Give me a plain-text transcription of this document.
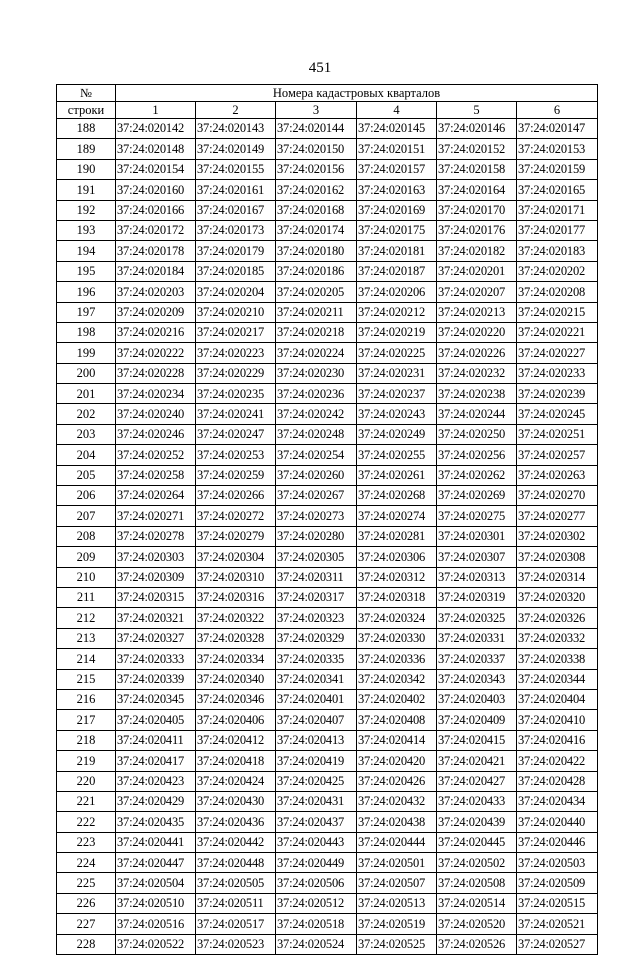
451
№	Номера кадастровых кварталов					
строки	1	2	3	4	5	6
188	37:24:020142	37:24:020143	37:24:020144	37:24:020145	37:24:020146	37:24:020147
189	37:24:020148	37:24:020149	37:24:020150	37:24:020151	37:24:020152	37:24:020153
190	37:24:020154	37:24:020155	37:24:020156	37:24:020157	37:24:020158	37:24:020159
191	37:24:020160	37:24:020161	37:24:020162	37:24:020163	37:24:020164	37:24:020165
192	37:24:020166	37:24:020167	37:24:020168	37:24:020169	37:24:020170	37:24:020171
193	37:24:020172	37:24:020173	37:24:020174	37:24:020175	37:24:020176	37:24:020177
194	37:24:020178	37:24:020179	37:24:020180	37:24:020181	37:24:020182	37:24:020183
195	37:24:020184	37:24:020185	37:24:020186	37:24:020187	37:24:020201	37:24:020202
196	37:24:020203	37:24:020204	37:24:020205	37:24:020206	37:24:020207	37:24:020208
197	37:24:020209	37:24:020210	37:24:020211	37:24:020212	37:24:020213	37:24:020215
198	37:24:020216	37:24:020217	37:24:020218	37:24:020219	37:24:020220	37:24:020221
199	37:24:020222	37:24:020223	37:24:020224	37:24:020225	37:24:020226	37:24:020227
200	37:24:020228	37:24:020229	37:24:020230	37:24:020231	37:24:020232	37:24:020233
201	37:24:020234	37:24:020235	37:24:020236	37:24:020237	37:24:020238	37:24:020239
202	37:24:020240	37:24:020241	37:24:020242	37:24:020243	37:24:020244	37:24:020245
203	37:24:020246	37:24:020247	37:24:020248	37:24:020249	37:24:020250	37:24:020251
204	37:24:020252	37:24:020253	37:24:020254	37:24:020255	37:24:020256	37:24:020257
205	37:24:020258	37:24:020259	37:24:020260	37:24:020261	37:24:020262	37:24:020263
206	37:24:020264	37:24:020266	37:24:020267	37:24:020268	37:24:020269	37:24:020270
207	37:24:020271	37:24:020272	37:24:020273	37:24:020274	37:24:020275	37:24:020277
208	37:24:020278	37:24:020279	37:24:020280	37:24:020281	37:24:020301	37:24:020302
209	37:24:020303	37:24:020304	37:24:020305	37:24:020306	37:24:020307	37:24:020308
210	37:24:020309	37:24:020310	37:24:020311	37:24:020312	37:24:020313	37:24:020314
211	37:24:020315	37:24:020316	37:24:020317	37:24:020318	37:24:020319	37:24:020320
212	37:24:020321	37:24:020322	37:24:020323	37:24:020324	37:24:020325	37:24:020326
213	37:24:020327	37:24:020328	37:24:020329	37:24:020330	37:24:020331	37:24:020332
214	37:24:020333	37:24:020334	37:24:020335	37:24:020336	37:24:020337	37:24:020338
215	37:24:020339	37:24:020340	37:24:020341	37:24:020342	37:24:020343	37:24:020344
216	37:24:020345	37:24:020346	37:24:020401	37:24:020402	37:24:020403	37:24:020404
217	37:24:020405	37:24:020406	37:24:020407	37:24:020408	37:24:020409	37:24:020410
218	37:24:020411	37:24:020412	37:24:020413	37:24:020414	37:24:020415	37:24:020416
219	37:24:020417	37:24:020418	37:24:020419	37:24:020420	37:24:020421	37:24:020422
220	37:24:020423	37:24:020424	37:24:020425	37:24:020426	37:24:020427	37:24:020428
221	37:24:020429	37:24:020430	37:24:020431	37:24:020432	37:24:020433	37:24:020434
222	37:24:020435	37:24:020436	37:24:020437	37:24:020438	37:24:020439	37:24:020440
223	37:24:020441	37:24:020442	37:24:020443	37:24:020444	37:24:020445	37:24:020446
224	37:24:020447	37:24:020448	37:24:020449	37:24:020501	37:24:020502	37:24:020503
225	37:24:020504	37:24:020505	37:24:020506	37:24:020507	37:24:020508	37:24:020509
226	37:24:020510	37:24:020511	37:24:020512	37:24:020513	37:24:020514	37:24:020515
227	37:24:020516	37:24:020517	37:24:020518	37:24:020519	37:24:020520	37:24:020521
228	37:24:020522	37:24:020523	37:24:020524	37:24:020525	37:24:020526	37:24:020527
